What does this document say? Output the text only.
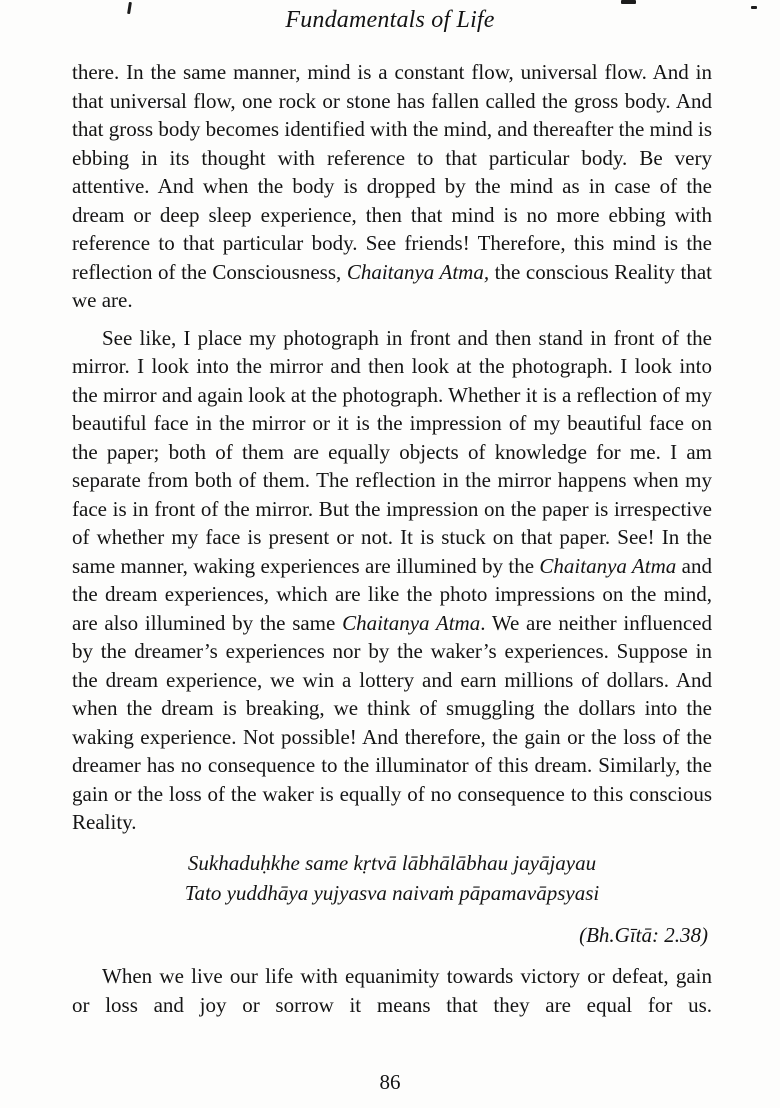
Fundamentals of Life

there. In the same manner, mind is a constant flow, universal flow. And in that universal flow, one rock or stone has fallen called the gross body. And that gross body becomes identified with the mind, and thereafter the mind is ebbing in its thought with reference to that particular body. Be very attentive. And when the body is dropped by the mind as in case of the dream or deep sleep experience, then that mind is no more ebbing with reference to that particular body. See friends! Therefore, this mind is the reflection of the Consciousness, Chaitanya Atma, the conscious Reality that we are.

See like, I place my photograph in front and then stand in front of the mirror. I look into the mirror and then look at the photograph. I look into the mirror and again look at the photograph. Whether it is a reflection of my beautiful face in the mirror or it is the impression of my beautiful face on the paper; both of them are equally objects of knowledge for me. I am separate from both of them. The reflection in the mirror happens when my face is in front of the mirror. But the impression on the paper is irrespective of whether my face is present or not. It is stuck on that paper. See! In the same manner, waking experiences are illumined by the Chaitanya Atma and the dream experiences, which are like the photo impressions on the mind, are also illumined by the same Chaitanya Atma. We are neither influenced by the dreamer’s experiences nor by the waker’s experiences. Suppose in the dream experience, we win a lottery and earn millions of dollars. And when the dream is breaking, we think of smuggling the dollars into the waking experience. Not possible! And therefore, the gain or the loss of the dreamer has no consequence to the illuminator of this dream. Similarly, the gain or the loss of the waker is equally of no consequence to this conscious Reality.

Sukhaduḥkhe same kṛtvā lābhālābhau jayājayau
Tato yuddhāya yujyasva naivaṁ pāpamavāpsyasi
(Bh.Gītā: 2.38)

When we live our life with equanimity towards victory or defeat, gain or loss and joy or sorrow it means that they are equal for us.

86
